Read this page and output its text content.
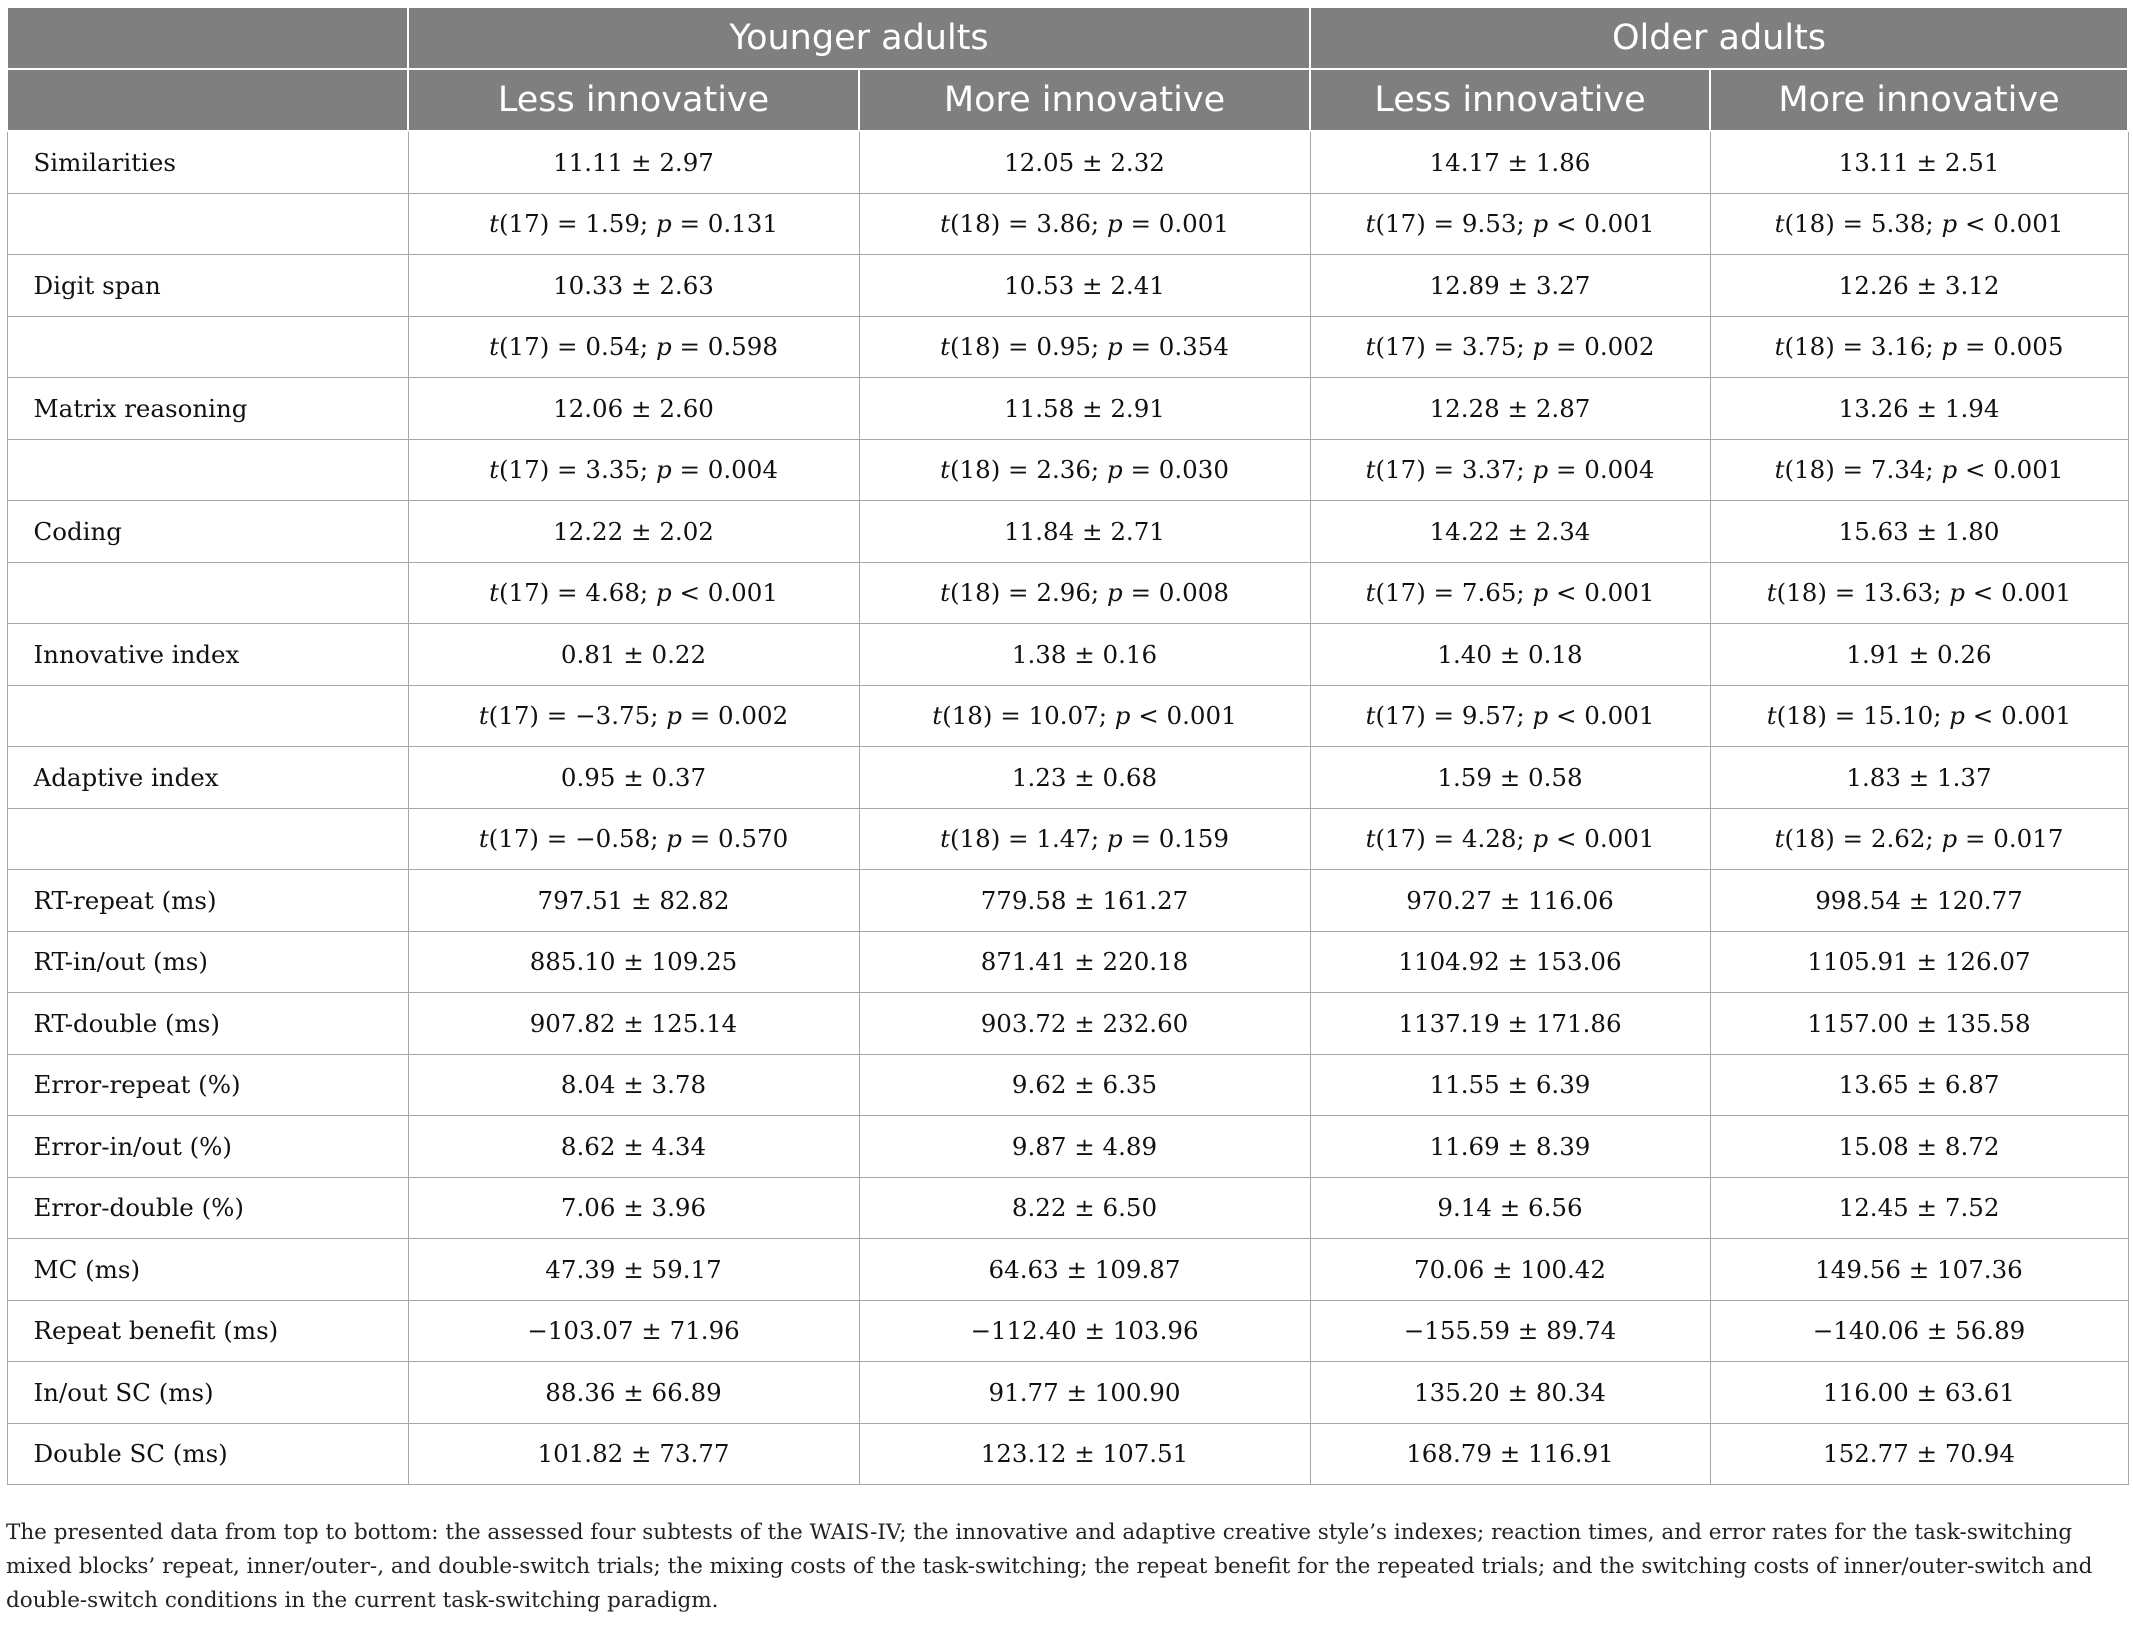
	Younger adults		Older adults	
	Less innovative	More innovative	Less innovative	More innovative
Similarities	11.11 ± 2.97	12.05 ± 2.32	14.17 ± 1.86	13.11 ± 2.51
	t(17) = 1.59; p = 0.131	t(18) = 3.86; p = 0.001	t(17) = 9.53; p < 0.001	t(18) = 5.38; p < 0.001
Digit span	10.33 ± 2.63	10.53 ± 2.41	12.89 ± 3.27	12.26 ± 3.12
	t(17) = 0.54; p = 0.598	t(18) = 0.95; p = 0.354	t(17) = 3.75; p = 0.002	t(18) = 3.16; p = 0.005
Matrix reasoning	12.06 ± 2.60	11.58 ± 2.91	12.28 ± 2.87	13.26 ± 1.94
	t(17) = 3.35; p = 0.004	t(18) = 2.36; p = 0.030	t(17) = 3.37; p = 0.004	t(18) = 7.34; p < 0.001
Coding	12.22 ± 2.02	11.84 ± 2.71	14.22 ± 2.34	15.63 ± 1.80
	t(17) = 4.68; p < 0.001	t(18) = 2.96; p = 0.008	t(17) = 7.65; p < 0.001	t(18) = 13.63; p < 0.001
Innovative index	0.81 ± 0.22	1.38 ± 0.16	1.40 ± 0.18	1.91 ± 0.26
	t(17) = −3.75; p = 0.002	t(18) = 10.07; p < 0.001	t(17) = 9.57; p < 0.001	t(18) = 15.10; p < 0.001
Adaptive index	0.95 ± 0.37	1.23 ± 0.68	1.59 ± 0.58	1.83 ± 1.37
	t(17) = −0.58; p = 0.570	t(18) = 1.47; p = 0.159	t(17) = 4.28; p < 0.001	t(18) = 2.62; p = 0.017
RT-repeat (ms)	797.51 ± 82.82	779.58 ± 161.27	970.27 ± 116.06	998.54 ± 120.77
RT-in/out (ms)	885.10 ± 109.25	871.41 ± 220.18	1104.92 ± 153.06	1105.91 ± 126.07
RT-double (ms)	907.82 ± 125.14	903.72 ± 232.60	1137.19 ± 171.86	1157.00 ± 135.58
Error-repeat (%)	8.04 ± 3.78	9.62 ± 6.35	11.55 ± 6.39	13.65 ± 6.87
Error-in/out (%)	8.62 ± 4.34	9.87 ± 4.89	11.69 ± 8.39	15.08 ± 8.72
Error-double (%)	7.06 ± 3.96	8.22 ± 6.50	9.14 ± 6.56	12.45 ± 7.52
MC (ms)	47.39 ± 59.17	64.63 ± 109.87	70.06 ± 100.42	149.56 ± 107.36
Repeat benefit (ms)	−103.07 ± 71.96	−112.40 ± 103.96	−155.59 ± 89.74	−140.06 ± 56.89
In/out SC (ms)	88.36 ± 66.89	91.77 ± 100.90	135.20 ± 80.34	116.00 ± 63.61
Double SC (ms)	101.82 ± 73.77	123.12 ± 107.51	168.79 ± 116.91	152.77 ± 70.94
The presented data from top to bottom: the assessed four subtests of the WAIS-IV; the innovative and adaptive creative style’s indexes; reaction times, and error rates for the task-switching mixed blocks’ repeat, inner/outer-, and double-switch trials; the mixing costs of the task-switching; the repeat benefit for the repeated trials; and the switching costs of inner/outer-switch and double-switch conditions in the current task-switching paradigm.
